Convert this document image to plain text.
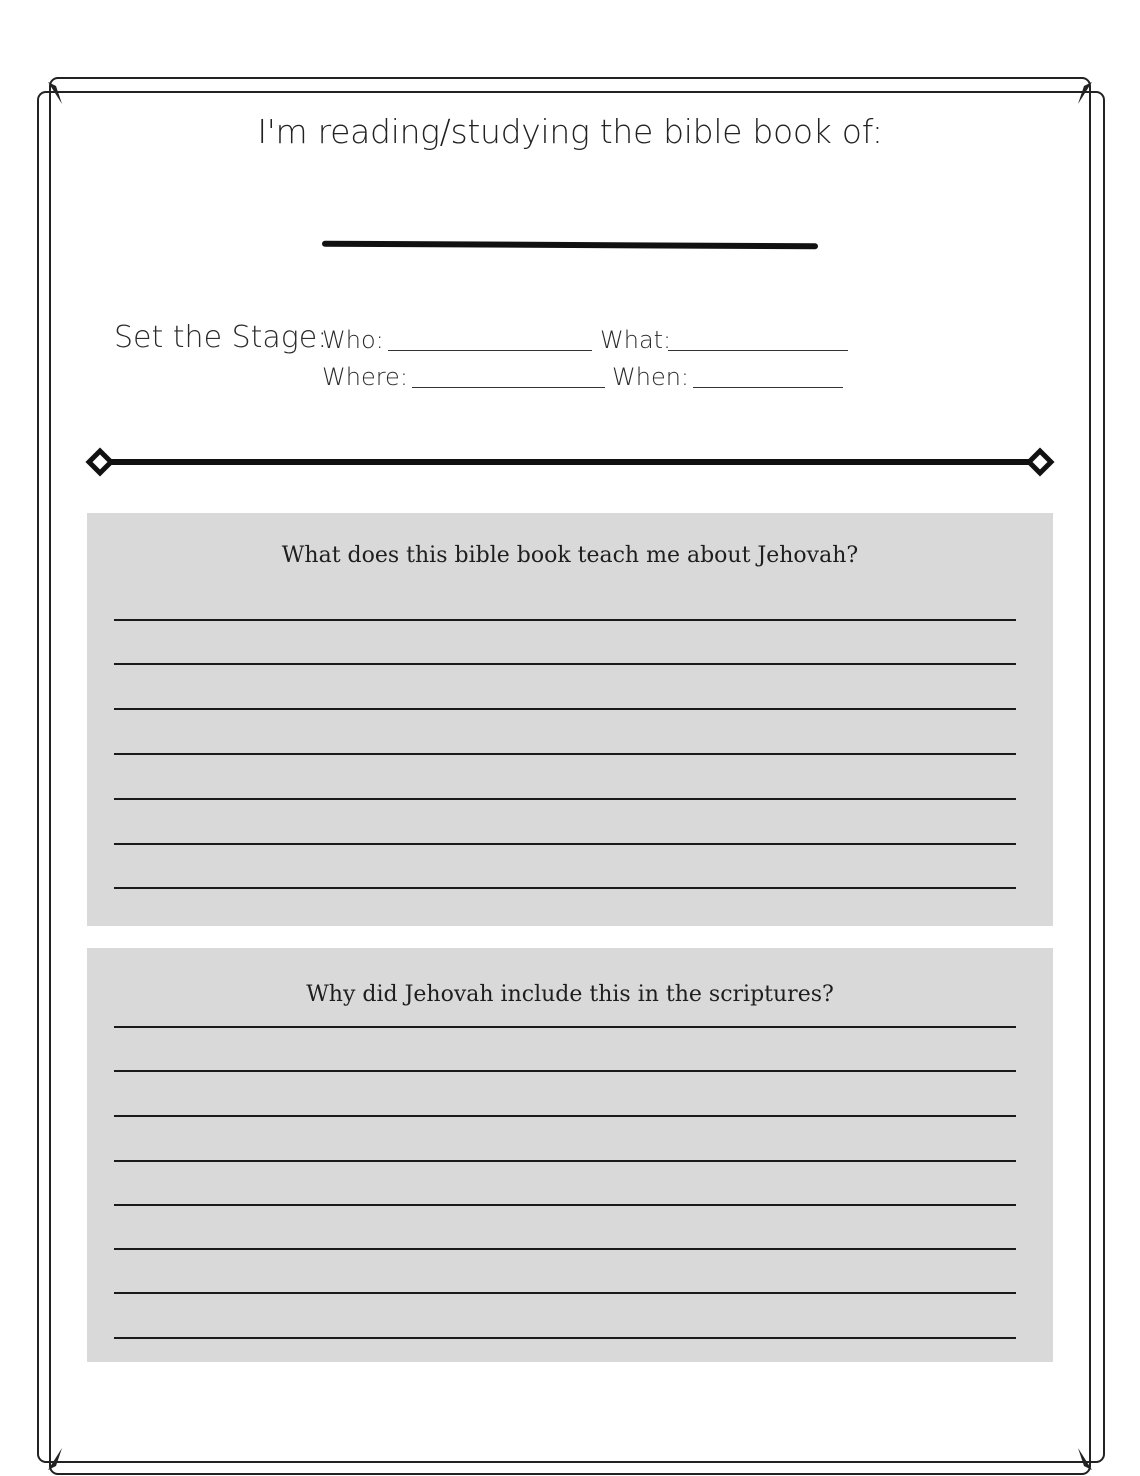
I'm reading/studying the bible book of:
Set the Stage:
Who:	What:
Where:	When:
What does this bible book teach me about Jehovah?
Why did Jehovah include this in the scriptures?
